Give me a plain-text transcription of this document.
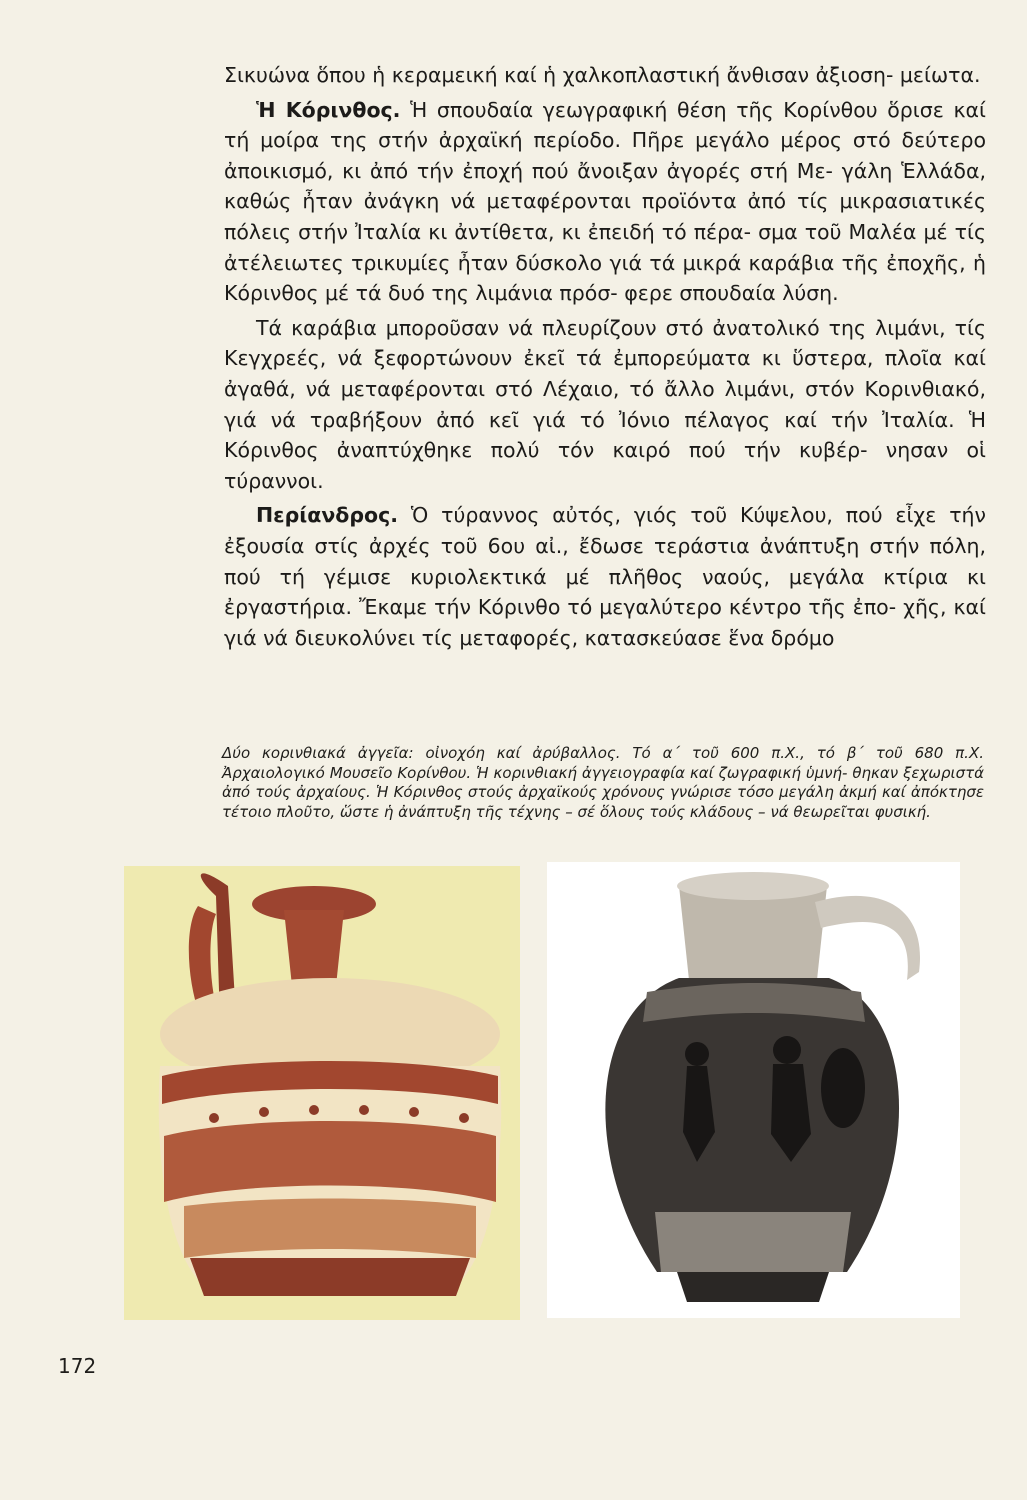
Σικυώνα ὅπου ἡ κεραμεική καί ἡ χαλκοπλαστική ἄνθισαν ἀξιοση- μείωτα.

Ἡ Κόρινθος. Ἡ σπουδαία γεωγραφική θέση τῆς Κορίνθου ὅρισε καί τή μοίρα της στήν ἀρχαϊκή περίοδο. Πῆρε μεγάλο μέρος στό δεύτερο ἀποικισμό, κι ἀπό τήν ἐποχή πού ἄνοιξαν ἀγορές στή Με- γάλη Ἑλλάδα, καθώς ἦταν ἀνάγκη νά μεταφέρονται προϊόντα ἀπό τίς μικρασιατικές πόλεις στήν Ἰταλία κι ἀντίθετα, κι ἐπειδή τό πέρα- σμα τοῦ Μαλέα μέ τίς ἀτέλειωτες τρικυμίες ἦταν δύσκολο γιά τά μικρά καράβια τῆς ἐποχῆς, ἡ Κόρινθος μέ τά δυό της λιμάνια πρόσ- φερε σπουδαία λύση.

Τά καράβια μποροῦσαν νά πλευρίζουν στό ἀνατολικό της λιμάνι, τίς Κεγχρεές, νά ξεφορτώνουν ἐκεῖ τά ἐμπορεύματα κι ὕστερα, πλοῖα καί ἀγαθά, νά μεταφέρονται στό Λέχαιο, τό ἄλλο λιμάνι, στόν Κορινθιακό, γιά νά τραβήξουν ἀπό κεῖ γιά τό Ἰόνιο πέλαγος καί τήν Ἰταλία. Ἡ Κόρινθος ἀναπτύχθηκε πολύ τόν καιρό πού τήν κυβέρ- νησαν οἱ τύραννοι.

Περίανδρος. Ὁ τύραννος αὐτός, γιός τοῦ Κύψελου, πού εἶχε τήν ἐξουσία στίς ἀρχές τοῦ 6ου αἰ., ἔδωσε τεράστια ἀνάπτυξη στήν πόλη, πού τή γέμισε κυριολεκτικά μέ πλῆθος ναούς, μεγάλα κτίρια κι ἐργαστήρια. Ἔκαμε τήν Κόρινθο τό μεγαλύτερο κέντρο τῆς ἐπο- χῆς, καί γιά νά διευκολύνει τίς μεταφορές, κατασκεύασε ἕνα δρόμο

Δύο κορινθιακά ἀγγεῖα: οἰνοχόη καί ἀρύβαλλος. Τό α΄ τοῦ 600 π.Χ., τό β΄ τοῦ 680 π.Χ. Ἀρχαιολογικό Μουσεῖο Κορίνθου. Ἡ κορινθιακή ἀγγειογραφία καί ζωγραφική ὑμνή- θηκαν ξεχωριστά ἀπό τούς ἀρχαίους. Ἡ Κόρινθος στούς ἀρχαϊκούς χρόνους γνώρισε τόσο μεγάλη ἀκμή καί ἀπόκτησε τέτοιο πλοῦτο, ὥστε ἡ ἀνάπτυξη τῆς τέχνης – σέ ὅλους τούς κλάδους – νά θεωρεῖται φυσική.
172
